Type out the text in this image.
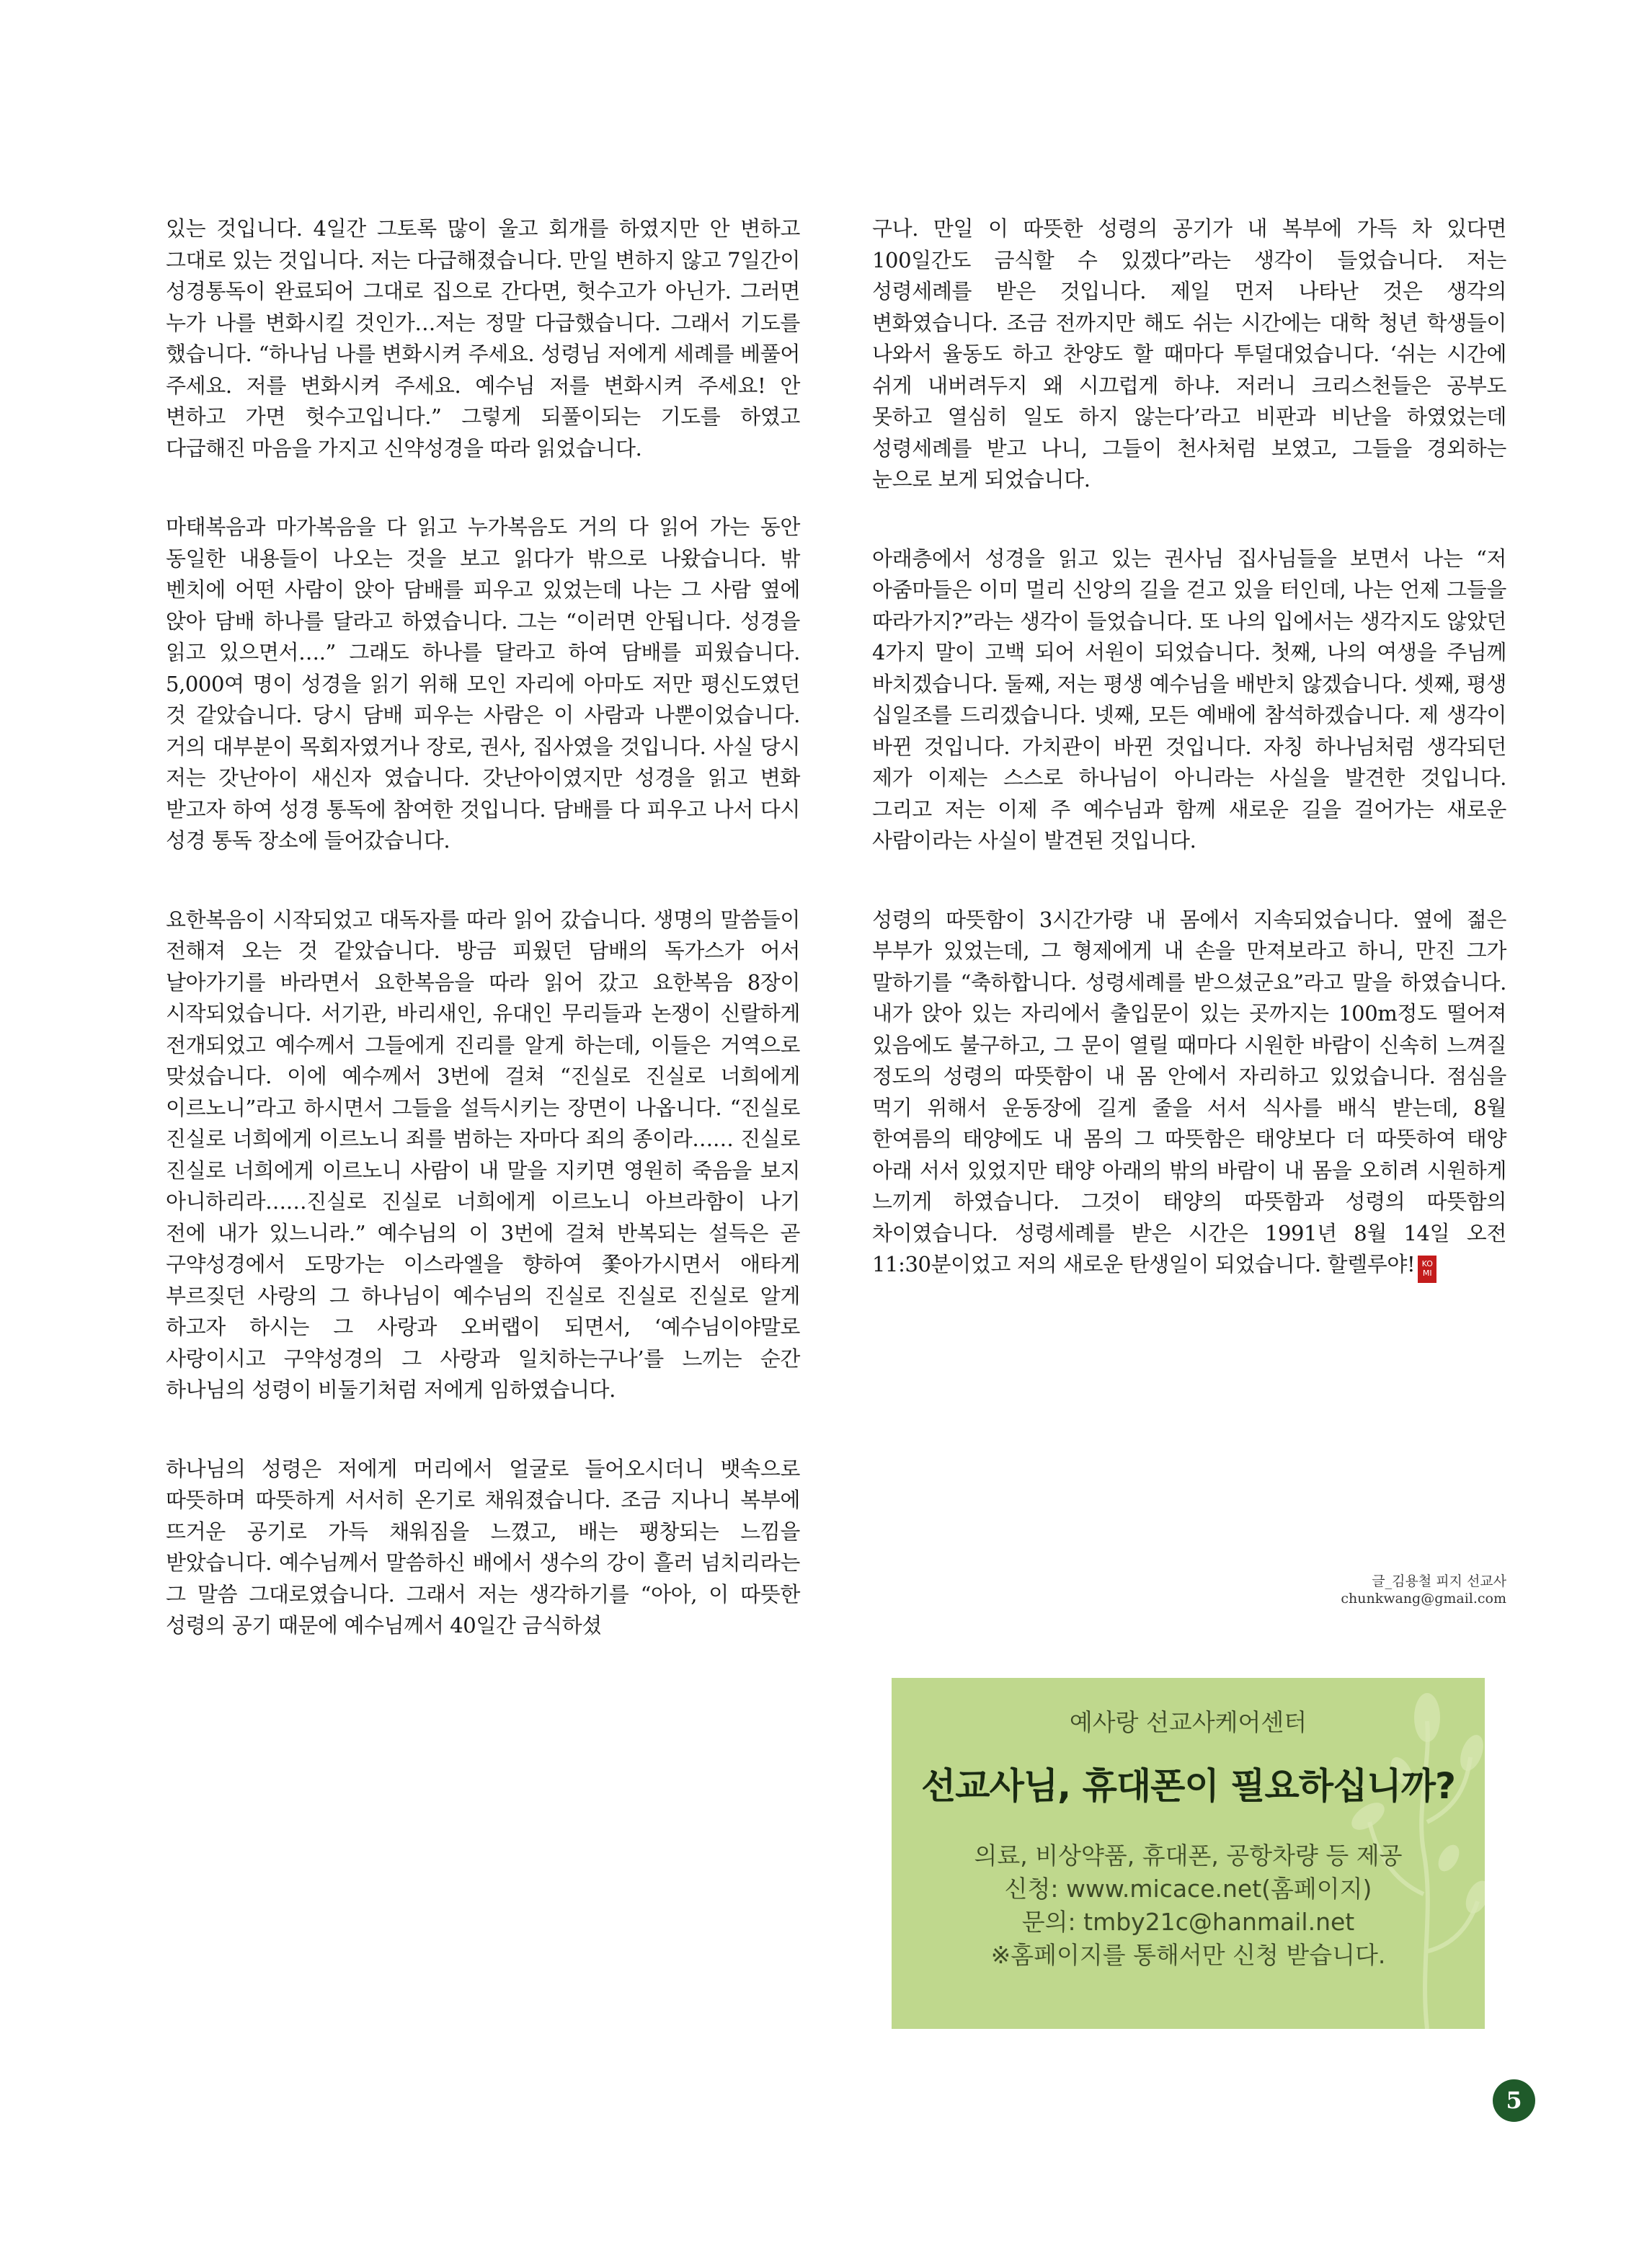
있는 것입니다. 4일간 그토록 많이 울고 회개를 하였지만 안 변하고 그대로 있는 것입니다. 저는 다급해졌습니다. 만일 변하지 않고 7일간이 성경통독이 완료되어 그대로 집으로 간다면, 헛수고가 아닌가. 그러면 누가 나를 변화시킬 것인가…저는 정말 다급했습니다. 그래서 기도를 했습니다. “하나님 나를 변화시켜 주세요. 성령님 저에게 세례를 베풀어 주세요. 저를 변화시켜 주세요. 예수님 저를 변화시켜 주세요! 안 변하고 가면 헛수고입니다.” 그렇게 되풀이되는 기도를 하였고 다급해진 마음을 가지고 신약성경을 따라 읽었습니다.

마태복음과 마가복음을 다 읽고 누가복음도 거의 다 읽어 가는 동안 동일한 내용들이 나오는 것을 보고 읽다가 밖으로 나왔습니다. 밖 벤치에 어떤 사람이 앉아 담배를 피우고 있었는데 나는 그 사람 옆에 앉아 담배 하나를 달라고 하였습니다. 그는 “이러면 안됩니다. 성경을 읽고 있으면서….” 그래도 하나를 달라고 하여 담배를 피웠습니다. 5,000여 명이 성경을 읽기 위해 모인 자리에 아마도 저만 평신도였던 것 같았습니다. 당시 담배 피우는 사람은 이 사람과 나뿐이었습니다. 거의 대부분이 목회자였거나 장로, 권사, 집사였을 것입니다. 사실 당시 저는 갓난아이 새신자 였습니다. 갓난아이였지만 성경을 읽고 변화 받고자 하여 성경 통독에 참여한 것입니다. 담배를 다 피우고 나서 다시 성경 통독 장소에 들어갔습니다.

요한복음이 시작되었고 대독자를 따라 읽어 갔습니다. 생명의 말씀들이 전해져 오는 것 같았습니다. 방금 피웠던 담배의 독가스가 어서 날아가기를 바라면서 요한복음을 따라 읽어 갔고 요한복음 8장이 시작되었습니다. 서기관, 바리새인, 유대인 무리들과 논쟁이 신랄하게 전개되었고 예수께서 그들에게 진리를 알게 하는데, 이들은 거역으로 맞섰습니다. 이에 예수께서 3번에 걸쳐 “진실로 진실로 너희에게 이르노니”라고 하시면서 그들을 설득시키는 장면이 나옵니다. “진실로 진실로 너희에게 이르노니 죄를 범하는 자마다 죄의 종이라…… 진실로 진실로 너희에게 이르노니 사람이 내 말을 지키면 영원히 죽음을 보지 아니하리라……진실로 진실로 너희에게 이르노니 아브라함이 나기 전에 내가 있느니라.” 예수님의 이 3번에 걸쳐 반복되는 설득은 곧 구약성경에서 도망가는 이스라엘을 향하여 쫓아가시면서 애타게 부르짖던 사랑의 그 하나님이 예수님의 진실로 진실로 진실로 알게 하고자 하시는 그 사랑과 오버랩이 되면서, ‘예수님이야말로 사랑이시고 구약성경의 그 사랑과 일치하는구나’를 느끼는 순간 하나님의 성령이 비둘기처럼 저에게 임하였습니다.

하나님의 성령은 저에게 머리에서 얼굴로 들어오시더니 뱃속으로 따뜻하며 따뜻하게 서서히 온기로 채워졌습니다. 조금 지나니 복부에 뜨거운 공기로 가득 채워짐을 느꼈고, 배는 팽창되는 느낌을 받았습니다. 예수님께서 말씀하신 배에서 생수의 강이 흘러 넘치리라는 그 말씀 그대로였습니다. 그래서 저는 생각하기를 “아아, 이 따뜻한 성령의 공기 때문에 예수님께서 40일간 금식하셨

구나. 만일 이 따뜻한 성령의 공기가 내 복부에 가득 차 있다면 100일간도 금식할 수 있겠다”라는 생각이 들었습니다. 저는 성령세례를 받은 것입니다. 제일 먼저 나타난 것은 생각의 변화였습니다. 조금 전까지만 해도 쉬는 시간에는 대학 청년 학생들이 나와서 율동도 하고 찬양도 할 때마다 투덜대었습니다. ‘쉬는 시간에 쉬게 내버려두지 왜 시끄럽게 하냐. 저러니 크리스천들은 공부도 못하고 열심히 일도 하지 않는다’라고 비판과 비난을 하였었는데 성령세례를 받고 나니, 그들이 천사처럼 보였고, 그들을 경외하는 눈으로 보게 되었습니다.

아래층에서 성경을 읽고 있는 권사님 집사님들을 보면서 나는 “저 아줌마들은 이미 멀리 신앙의 길을 걷고 있을 터인데, 나는 언제 그들을 따라가지?”라는 생각이 들었습니다. 또 나의 입에서는 생각지도 않았던 4가지 말이 고백 되어 서원이 되었습니다. 첫째, 나의 여생을 주님께 바치겠습니다. 둘째, 저는 평생 예수님을 배반치 않겠습니다. 셋째, 평생 십일조를 드리겠습니다. 넷째, 모든 예배에 참석하겠습니다. 제 생각이 바뀐 것입니다. 가치관이 바뀐 것입니다. 자칭 하나님처럼 생각되던 제가 이제는 스스로 하나님이 아니라는 사실을 발견한 것입니다. 그리고 저는 이제 주 예수님과 함께 새로운 길을 걸어가는 새로운 사람이라는 사실이 발견된 것입니다.

성령의 따뜻함이 3시간가량 내 몸에서 지속되었습니다. 옆에 젊은 부부가 있었는데, 그 형제에게 내 손을 만져보라고 하니, 만진 그가 말하기를 “축하합니다. 성령세례를 받으셨군요”라고 말을 하였습니다. 내가 앉아 있는 자리에서 출입문이 있는 곳까지는 100m정도 떨어져 있음에도 불구하고, 그 문이 열릴 때마다 시원한 바람이 신속히 느껴질 정도의 성령의 따뜻함이 내 몸 안에서 자리하고 있었습니다. 점심을 먹기 위해서 운동장에 길게 줄을 서서 식사를 배식 받는데, 8월 한여름의 태양에도 내 몸의 그 따뜻함은 태양보다 더 따뜻하여 태양 아래 서서 있었지만 태양 아래의 밖의 바람이 내 몸을 오히려 시원하게 느끼게 하였습니다. 그것이 태양의 따뜻함과 성령의 따뜻함의 차이였습니다. 성령세례를 받은 시간은 1991년 8월 14일 오전 11:30분이었고 저의 새로운 탄생일이 되었습니다. 할렐루야! KO
MI

글_김용철 피지 선교사
chunkwang@gmail.com
예사랑 선교사케어센터
선교사님, 휴대폰이 필요하십니까?
의료, 비상약품, 휴대폰, 공항차량 등 제공
신청: www.micace.net(홈페이지)
문의: tmby21c@hanmail.net
※홈페이지를 통해서만 신청 받습니다.
5
